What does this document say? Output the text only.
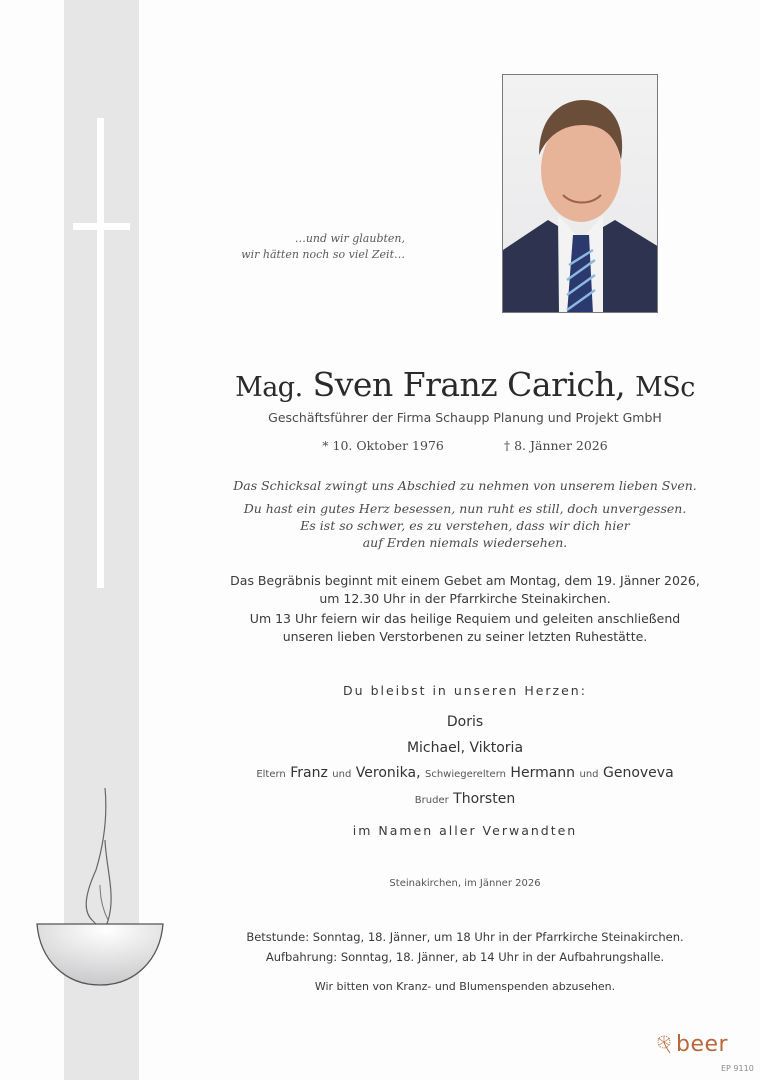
…und wir glaubten,
wir hätten noch so viel Zeit…
Mag. Sven Franz Carich, MSc
Geschäftsführer der Firma Schaupp Planung und Projekt GmbH
* 10. Oktober 1976	† 8. Jänner 2026
Das Schicksal zwingt uns Abschied zu nehmen von unserem lieben Sven.
Du hast ein gutes Herz besessen, nun ruht es still, doch unvergessen.
Es ist so schwer, es zu verstehen, dass wir dich hier
auf Erden niemals wiedersehen.
Das Begräbnis beginnt mit einem Gebet am Montag, dem 19. Jänner 2026,
um 12.30 Uhr in der Pfarrkirche Steinakirchen.
Um 13 Uhr feiern wir das heilige Requiem und geleiten anschließend
unseren lieben Verstorbenen zu seiner letzten Ruhestätte.
Du bleibst in unseren Herzen:
Doris
Michael, Viktoria
Eltern Franz und Veronika, Schwiegereltern Hermann und Genoveva
Bruder Thorsten
im Namen aller Verwandten
Steinakirchen, im Jänner 2026
Betstunde: Sonntag, 18. Jänner, um 18 Uhr in der Pfarrkirche Steinakirchen.
Aufbahrung: Sonntag, 18. Jänner, ab 14 Uhr in der Aufbahrungshalle.
Wir bitten von Kranz- und Blumenspenden abzusehen.
beer
EP 9110
